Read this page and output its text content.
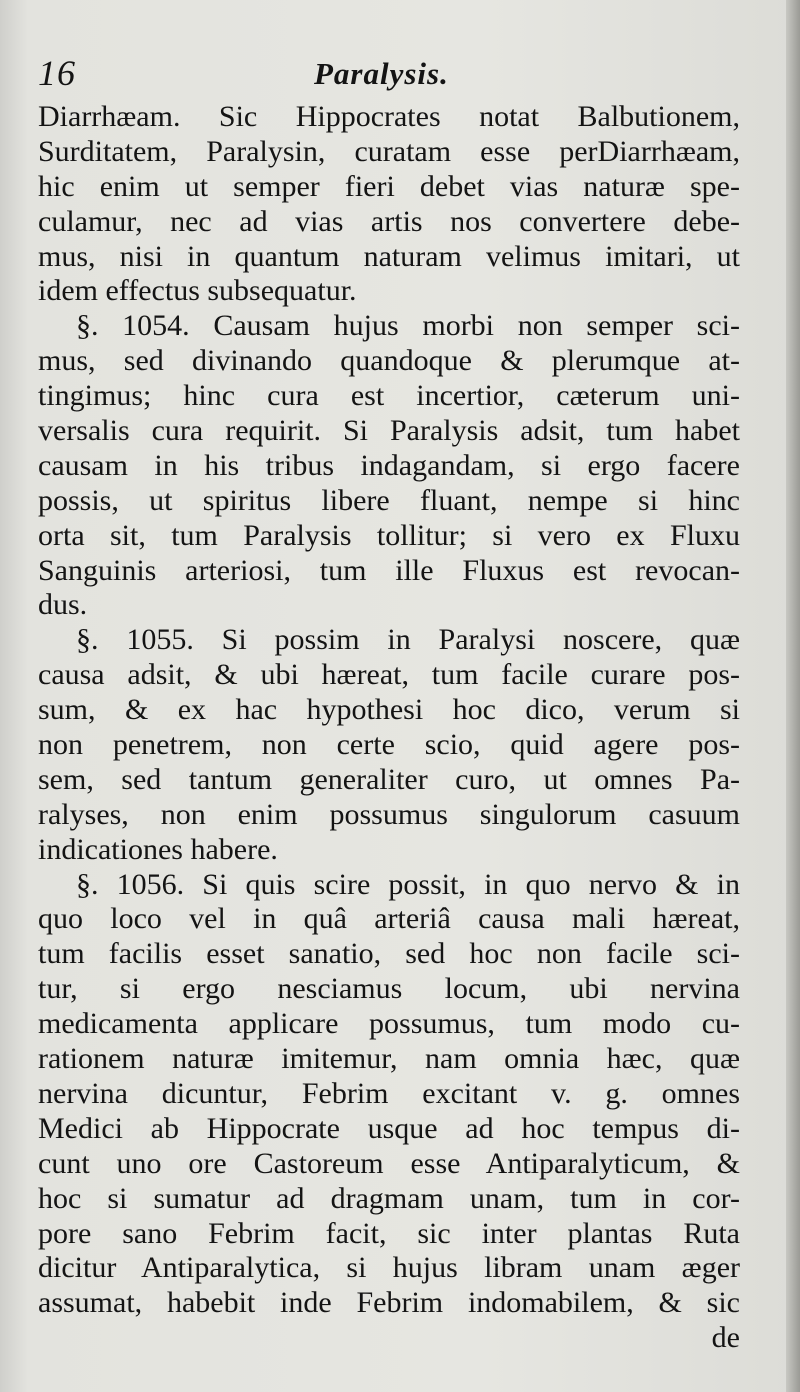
16	Paralysis.
Diarrhæam. Sic Hippocrates notat Balbutionem,
Surditatem, Paralysin, curatam esse perDiarrhæam,
hic enim ut semper fieri debet vias naturæ spe-
culamur, nec ad vias artis nos convertere debe-
mus, nisi in quantum naturam velimus imitari, ut
idem effectus subsequatur.
§. 1054. Causam hujus morbi non semper sci-
mus, sed divinando quandoque & plerumque at-
tingimus; hinc cura est incertior, cæterum uni-
versalis cura requirit. Si Paralysis adsit, tum habet
causam in his tribus indagandam, si ergo facere
possis, ut spiritus libere fluant, nempe si hinc
orta sit, tum Paralysis tollitur; si vero ex Fluxu
Sanguinis arteriosi, tum ille Fluxus est revocan-
dus.
§. 1055. Si possim in Paralysi noscere, quæ
causa adsit, & ubi hæreat, tum facile curare pos-
sum, & ex hac hypothesi hoc dico, verum si
non penetrem, non certe scio, quid agere pos-
sem, sed tantum generaliter curo, ut omnes Pa-
ralyses, non enim possumus singulorum casuum
indicationes habere.
§. 1056. Si quis scire possit, in quo nervo & in
quo loco vel in quâ arteriâ causa mali hæreat,
tum facilis esset sanatio, sed hoc non facile sci-
tur, si ergo nesciamus locum, ubi nervina
medicamenta applicare possumus, tum modo cu-
rationem naturæ imitemur, nam omnia hæc, quæ
nervina dicuntur, Febrim excitant v. g. omnes
Medici ab Hippocrate usque ad hoc tempus di-
cunt uno ore Castoreum esse Antiparalyticum, &
hoc si sumatur ad dragmam unam, tum in cor-
pore sano Febrim facit, sic inter plantas Ruta
dicitur Antiparalytica, si hujus libram unam æger
assumat, habebit inde Febrim indomabilem, & sic
de
